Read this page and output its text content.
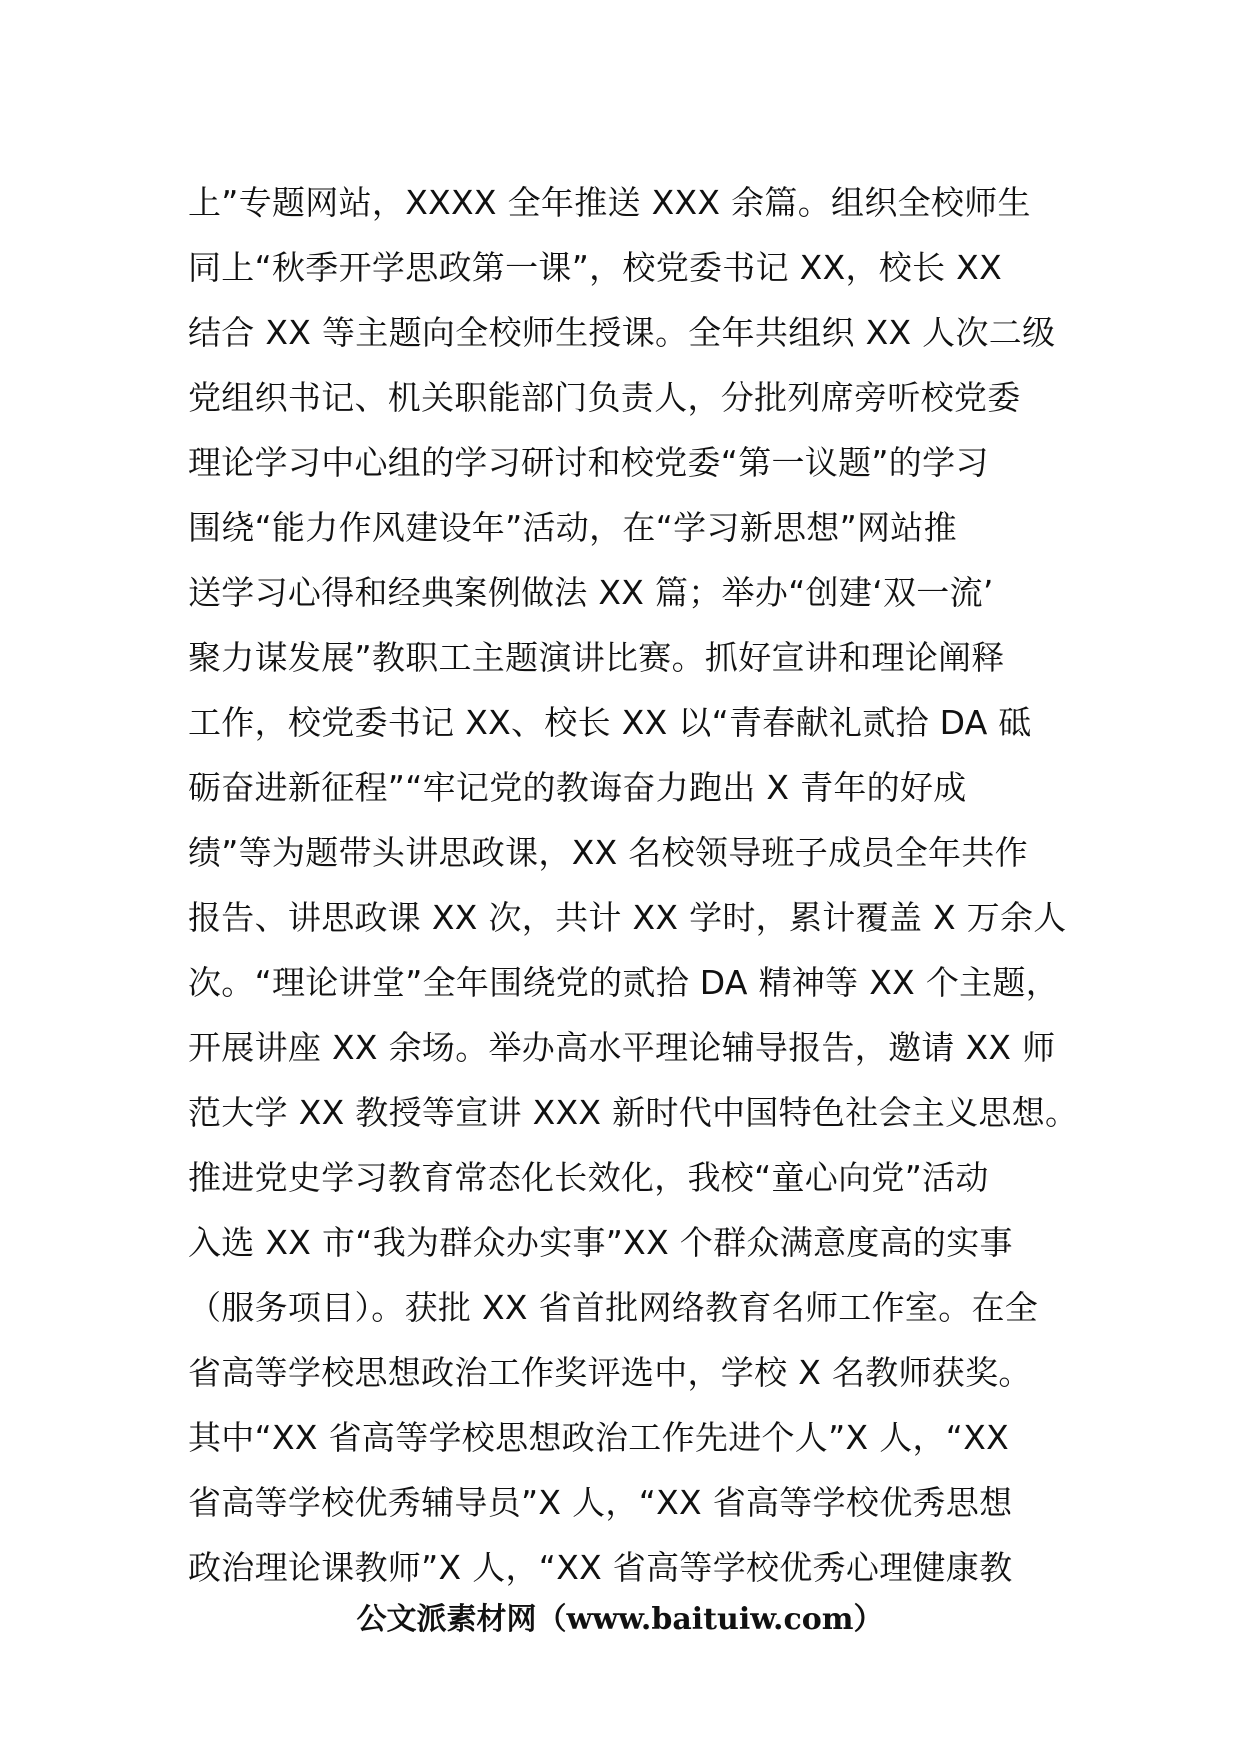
上”专题网站，XXXX 全年推送 XXX 余篇。组织全校师生
同上“秋季开学思政第一课”，校党委书记 XX，校长 XX
结合 XX 等主题向全校师生授课。全年共组织 XX 人次二级
党组织书记、机关职能部门负责人，分批列席旁听校党委
理论学习中心组的学习研讨和校党委“第一议题”的学习
围绕“能力作风建设年”活动，在“学习新思想”网站推
送学习心得和经典案例做法 XX 篇；举办“创建‘双一流’
聚力谋发展”教职工主题演讲比赛。抓好宣讲和理论阐释
工作，校党委书记 XX、校长 XX 以“青春献礼贰拾 DA 砥
砺奋进新征程”“牢记党的教诲奋力跑出 X 青年的好成
绩”等为题带头讲思政课，XX 名校领导班子成员全年共作
报告、讲思政课 XX 次，共计 XX 学时，累计覆盖 X 万余人
次。“理论讲堂”全年围绕党的贰拾 DA 精神等 XX 个主题，
开展讲座 XX 余场。举办高水平理论辅导报告，邀请 XX 师
范大学 XX 教授等宣讲 XXX 新时代中国特色社会主义思想。
推进党史学习教育常态化长效化，我校“童心向党”活动
入选 XX 市“我为群众办实事”XX 个群众满意度高的实事
（服务项目）。获批 XX 省首批网络教育名师工作室。在全
省高等学校思想政治工作奖评选中，学校 X 名教师获奖。
其中“XX 省高等学校思想政治工作先进个人”X 人，“XX
省高等学校优秀辅导员”X 人，“XX 省高等学校优秀思想
政治理论课教师”X 人，“XX 省高等学校优秀心理健康教
公文派素材网（www.baituiw.com）
